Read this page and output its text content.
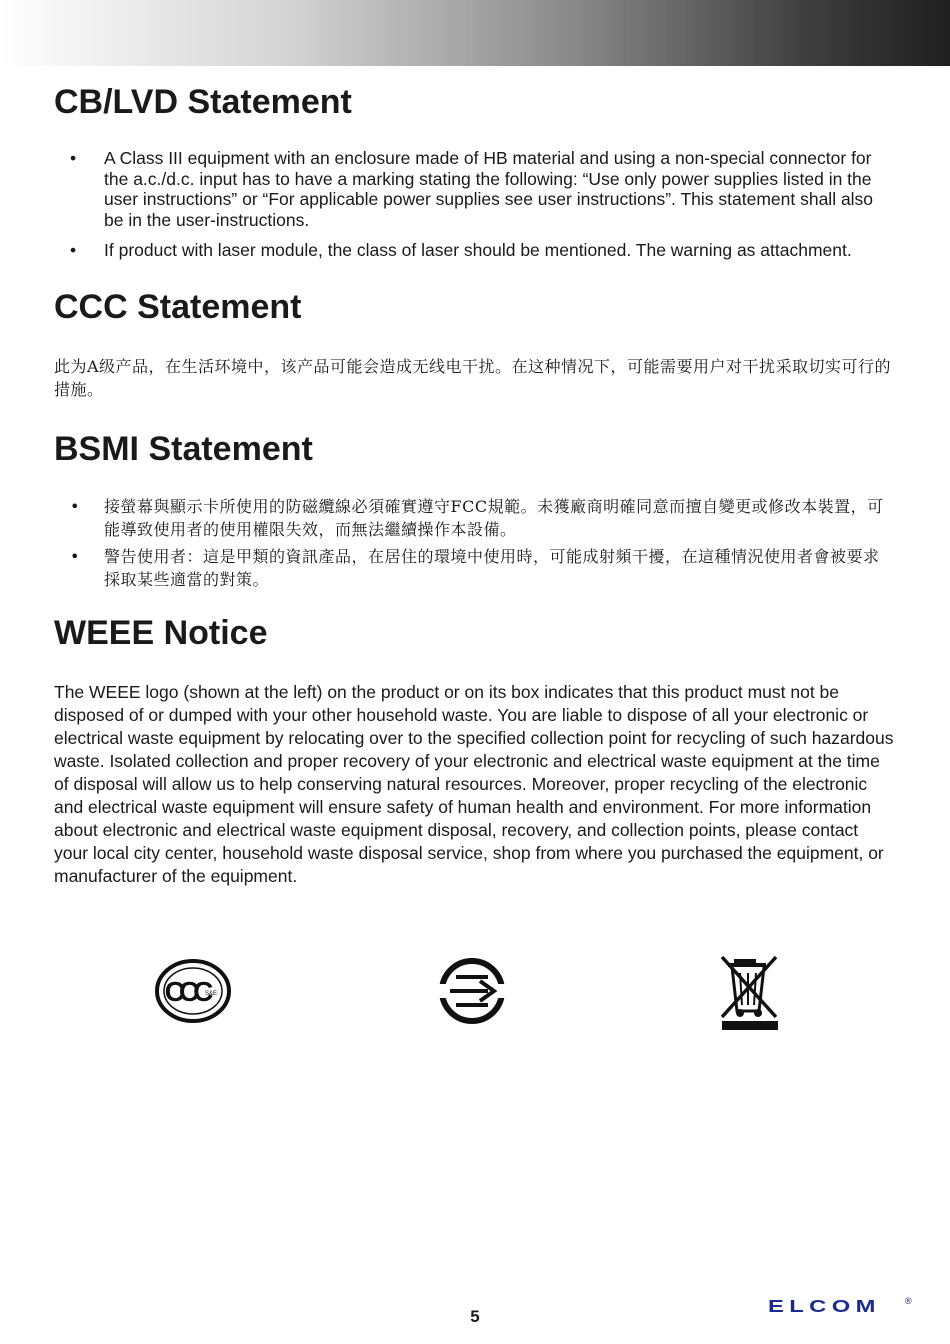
CB/LVD Statement
• A Class III equipment with an enclosure made of HB material and using a non-special connector for the a.c./d.c. input has to have a marking stating the following: “Use only power supplies listed in the user instructions” or “For applicable power supplies see user instructions”. This statement shall also be in the user-instructions.
• If product with laser module, the class of laser should be mentioned. The warning as attachment.
CCC Statement
此为A级产品，在生活环境中，该产品可能会造成无线电干扰。在这种情况下，可能需要用户对干扰采取切实可行的措施。
BSMI Statement
• 接螢幕與顯示卡所使用的防磁纜線必須確實遵守FCC規範。未獲廠商明確同意而擅自變更或修改本裝置，可能導致使用者的使用權限失效，而無法繼續操作本設備。
• 警告使用者：這是甲類的資訊產品，在居住的環境中使用時，可能成射頻干擾，在這種情況使用者會被要求採取某些適當的對策。
WEEE Notice

The WEEE logo (shown at the left) on the product or on its box indicates that this product must not be disposed of or dumped with your other household waste. You are liable to dispose of all your electronic or electrical waste equipment by relocating over to the specified collection point for recycling of such hazardous waste. Isolated collection and proper recovery of your electronic and electrical waste equipment at the time of disposal will allow us to help conserving natural resources. Moreover, proper recycling of the electronic and electrical waste equipment will ensure safety of human health and environment. For more information about electronic and electrical waste equipment disposal, recovery, and collection points, please contact your local city center, household waste disposal service, shop from where you purchased the equipment, or manufacturer of the equipment.

CCC
S&E
5
ELCOM	®
